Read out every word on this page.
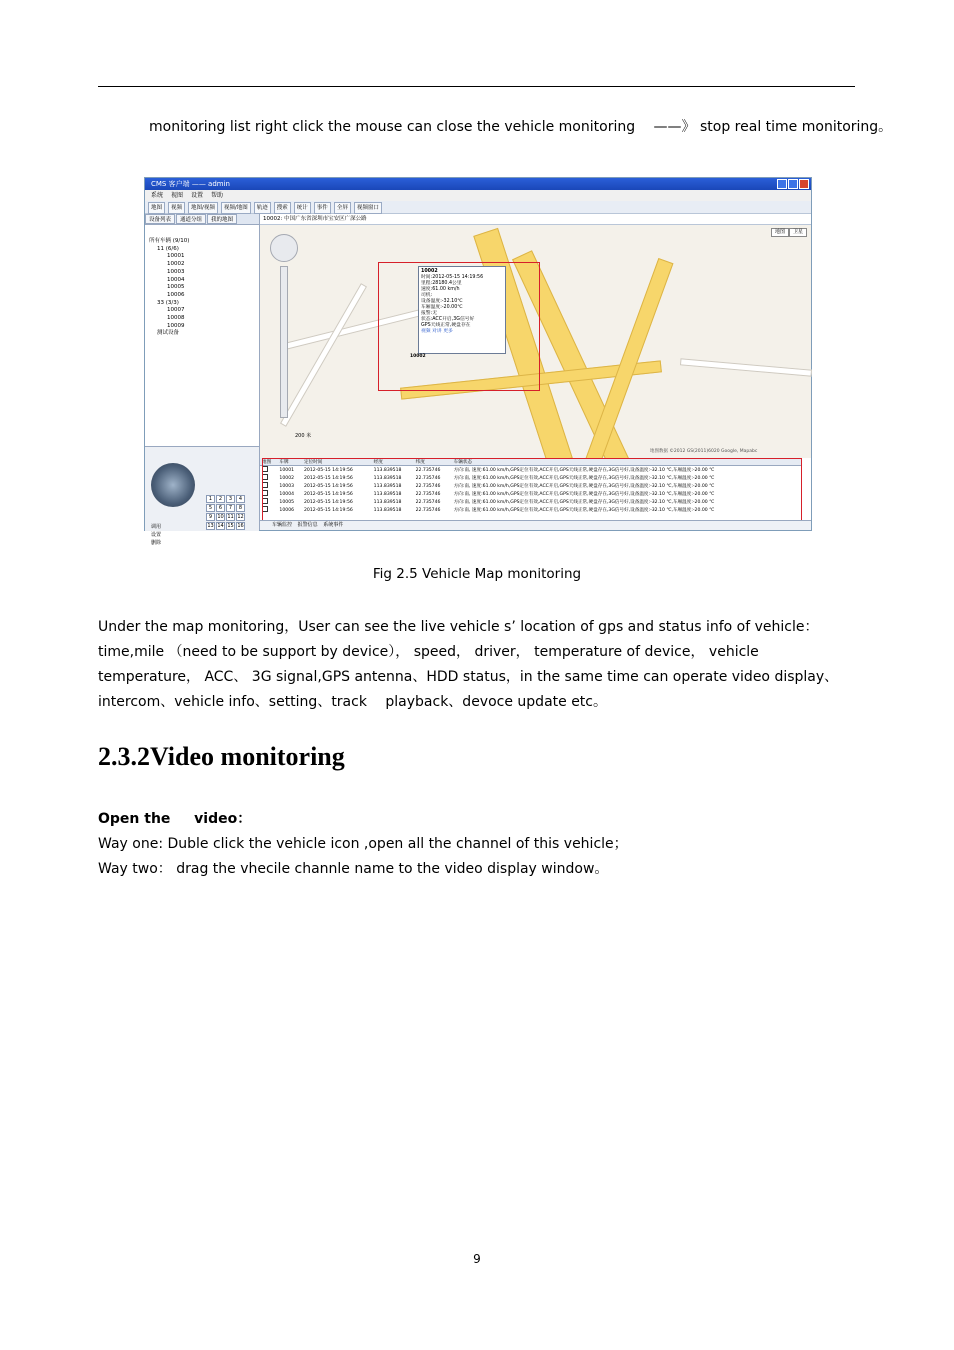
monitoring list right click the mouse can close the vehicle monitoring 　——》 stop real time monitoring。
CMS 客户端 —— admin
系统 视图 设置 帮助
地图	视频	地图/视频	视频/地图	轨迹	搜索	统计	事件	全屏	视频窗口
设备列表	通道分组	我的地图
所有车辆 (9/10)
11 (6/6)
10001
10002
10003
10004
10005
10006
33 (3/3)
10007
10008
10009
测试设备
调用
设置
删除
1	2	3	4
5	6	7	8
9	10 11 12
13 14 15 16
10002: 中国广东省深圳市宝安区广深公路
地图	卫星
10002
时间:2012-05-15 14:19:56
里程:28180.4公里
速度:61.00 km/h
司机:
设备温度:-32.10℃
车厢温度:-20.00℃
报警:无
状态:ACC开启,3G信号好
GPS天线正常,硬盘存在
视频 对讲 更多
10002
200 米
地图数据 ©2012 GS(2011)6020 Google, Mapabc
地图	车牌	定位时间	经度	纬度	车辆状态
	10001	2012-05-15 14:19:56	113.839518	22.735746	方向:南, 速度:61.00 km/h,GPS定位有效,ACC开启,GPS天线正常,硬盘存在,3G信号好,设备温度:-32.10 ℃,车厢温度:-20.00 ℃
	10002	2012-05-15 14:19:56	113.839518	22.735746	方向:南, 速度:61.00 km/h,GPS定位有效,ACC开启,GPS天线正常,硬盘存在,3G信号好,设备温度:-32.10 ℃,车厢温度:-20.00 ℃
	10003	2012-05-15 14:19:56	113.839518	22.735746	方向:南, 速度:61.00 km/h,GPS定位有效,ACC开启,GPS天线正常,硬盘存在,3G信号好,设备温度:-32.10 ℃,车厢温度:-20.00 ℃
	10004	2012-05-15 14:19:56	113.839518	22.735746	方向:南, 速度:61.00 km/h,GPS定位有效,ACC开启,GPS天线正常,硬盘存在,3G信号好,设备温度:-32.10 ℃,车厢温度:-20.00 ℃
	10005	2012-05-15 14:19:56	113.839518	22.735746	方向:南, 速度:61.00 km/h,GPS定位有效,ACC开启,GPS天线正常,硬盘存在,3G信号好,设备温度:-32.10 ℃,车厢温度:-20.00 ℃
	10006	2012-05-15 14:19:56	113.839518	22.735746	方向:南, 速度:61.00 km/h,GPS定位有效,ACC开启,GPS天线正常,硬盘存在,3G信号好,设备温度:-32.10 ℃,车厢温度:-20.00 ℃
车辆监控 报警信息 系统事件
Fig 2.5 Vehicle Map monitoring
Under the map monitoring，User can see the live vehicle s’ location of gps and status info of vehicle：time,mile （need to be support by device）， speed， driver， temperature of device， vehicle temperature， ACC、 3G signal,GPS antenna、HDD status，in the same time can operate video display、intercom、vehicle info、setting、track 　playback、devoce update etc。
2.3.2Video monitoring
Open the 　 video：
Way one: Duble click the vehicle icon ,open all the channel of this vehicle；
Way two： drag the vhecile channle name to the video display window。
9
